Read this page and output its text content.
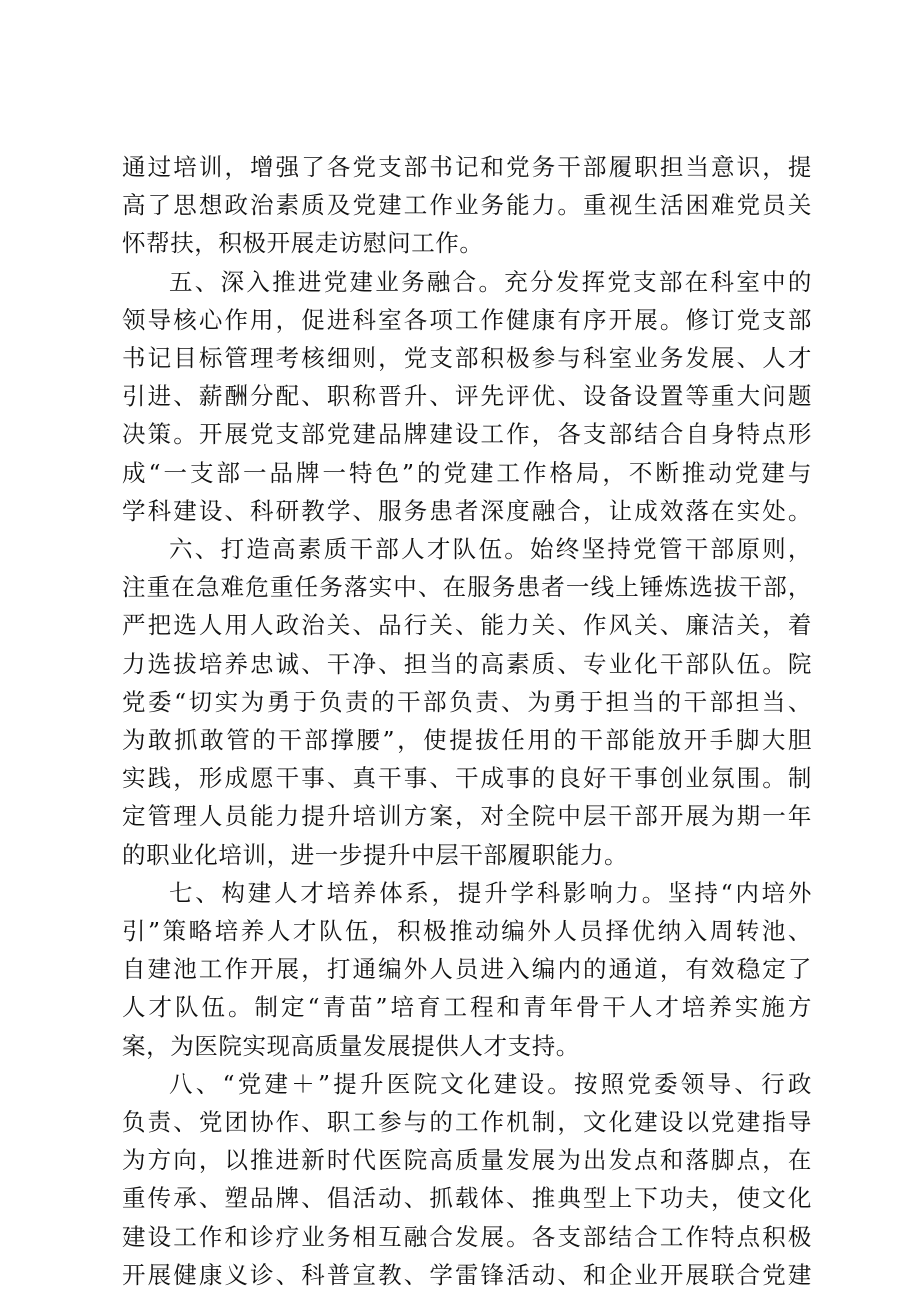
通过培训，增强了各党支部书记和党务干部履职担当意识，提
高了思想政治素质及党建工作业务能力。重视生活困难党员关
怀帮扶，积极开展走访慰问工作。

五、深入推进党建业务融合。充分发挥党支部在科室中的
领导核心作用，促进科室各项工作健康有序开展。修订党支部
书记目标管理考核细则，党支部积极参与科室业务发展、人才
引进、薪酬分配、职称晋升、评先评优、设备设置等重大问题
决策。开展党支部党建品牌建设工作，各支部结合自身特点形
成“一支部一品牌一特色”的党建工作格局，不断推动党建与
学科建设、科研教学、服务患者深度融合，让成效落在实处。

六、打造高素质干部人才队伍。始终坚持党管干部原则，
注重在急难危重任务落实中、在服务患者一线上锤炼选拔干部，
严把选人用人政治关、品行关、能力关、作风关、廉洁关，着
力选拔培养忠诚、干净、担当的高素质、专业化干部队伍。院
党委“切实为勇于负责的干部负责、为勇于担当的干部担当、
为敢抓敢管的干部撑腰”，使提拔任用的干部能放开手脚大胆
实践，形成愿干事、真干事、干成事的良好干事创业氛围。制
定管理人员能力提升培训方案，对全院中层干部开展为期一年
的职业化培训，进一步提升中层干部履职能力。

七、构建人才培养体系，提升学科影响力。坚持“内培外
引”策略培养人才队伍，积极推动编外人员择优纳入周转池、
自建池工作开展，打通编外人员进入编内的通道，有效稳定了
人才队伍。制定“青苗”培育工程和青年骨干人才培养实施方
案，为医院实现高质量发展提供人才支持。

八、“党建＋”提升医院文化建设。按照党委领导、行政
负责、党团协作、职工参与的工作机制，文化建设以党建指导
为方向，以推进新时代医院高质量发展为出发点和落脚点，在
重传承、塑品牌、倡活动、抓载体、推典型上下功夫，使文化
建设工作和诊疗业务相互融合发展。各支部结合工作特点积极
开展健康义诊、科普宣教、学雷锋活动、和企业开展联合党建
